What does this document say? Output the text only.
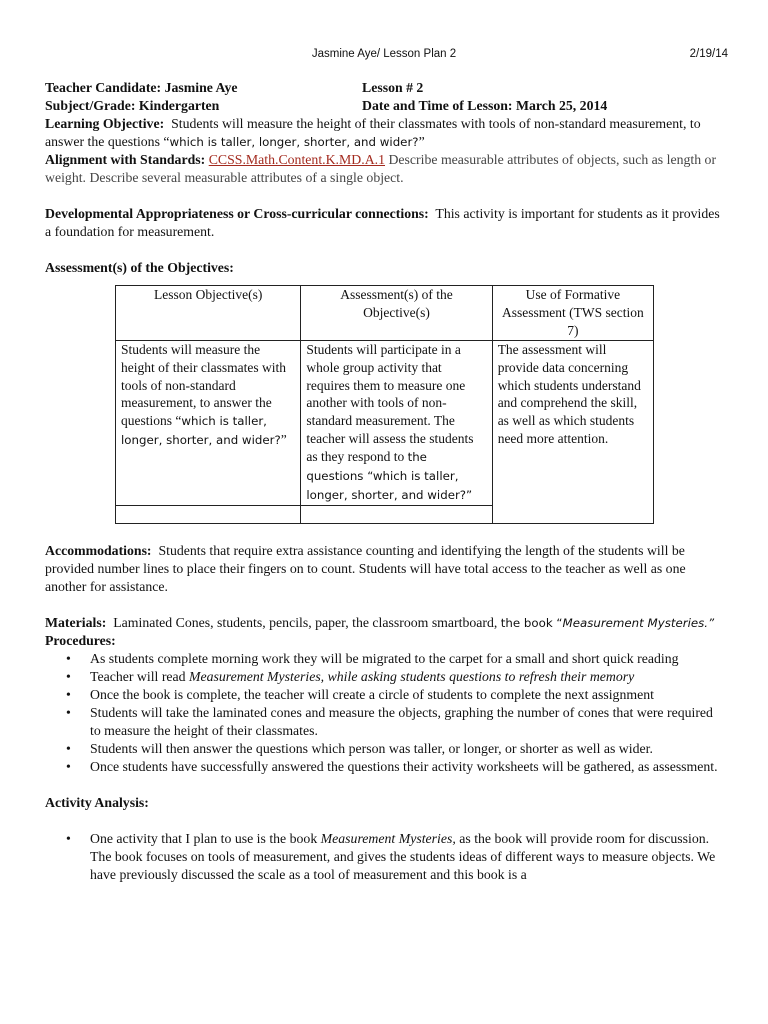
Jasmine Aye/ Lesson Plan 2	2/19/14
Teacher Candidate: Jasmine Aye	Lesson # 2
Subject/Grade: Kindergarten	Date and Time of Lesson: March 25, 2014
Learning Objective: Students will measure the height of their classmates with tools of non-standard measurement, to answer the questions “which is taller, longer, shorter, and wider?”
Alignment with Standards: CCSS.Math.Content.K.MD.A.1 Describe measurable attributes of objects, such as length or weight. Describe several measurable attributes of a single object.
Developmental Appropriateness or Cross-curricular connections: This activity is important for students as it provides a foundation for measurement.
Assessment(s) of the Objectives:
Lesson Objective(s)	Assessment(s) of the Objective(s)	Use of Formative Assessment (TWS section 7)
Students will measure the height of their classmates with tools of non-standard measurement, to answer the questions “which is taller, longer, shorter, and wider?”	Students will participate in a whole group activity that requires them to measure one another with tools of non-standard measurement. The teacher will assess the students as they respond to the questions “which is taller, longer, shorter, and wider?”	The assessment will provide data concerning which students understand and comprehend the skill, as well as which students need more attention.

Accommodations: Students that require extra assistance counting and identifying the length of the students will be provided number lines to place their fingers on to count. Students will have total access to the teacher as well as one another for assistance.
Materials: Laminated Cones, students, pencils, paper, the classroom smartboard, the book “Measurement Mysteries.”
Procedures:
• As students complete morning work they will be migrated to the carpet for a small and short quick reading
• Teacher will read Measurement Mysteries, while asking students questions to refresh their memory
• Once the book is complete, the teacher will create a circle of students to complete the next assignment
• Students will take the laminated cones and measure the objects, graphing the number of cones that were required to measure the height of their classmates.
• Students will then answer the questions which person was taller, or longer, or shorter as well as wider.
• Once students have successfully answered the questions their activity worksheets will be gathered, as assessment.
Activity Analysis:
• One activity that I plan to use is the book Measurement Mysteries, as the book will provide room for discussion. The book focuses on tools of measurement, and gives the students ideas of different ways to measure objects. We have previously discussed the scale as a tool of measurement and this book is a
